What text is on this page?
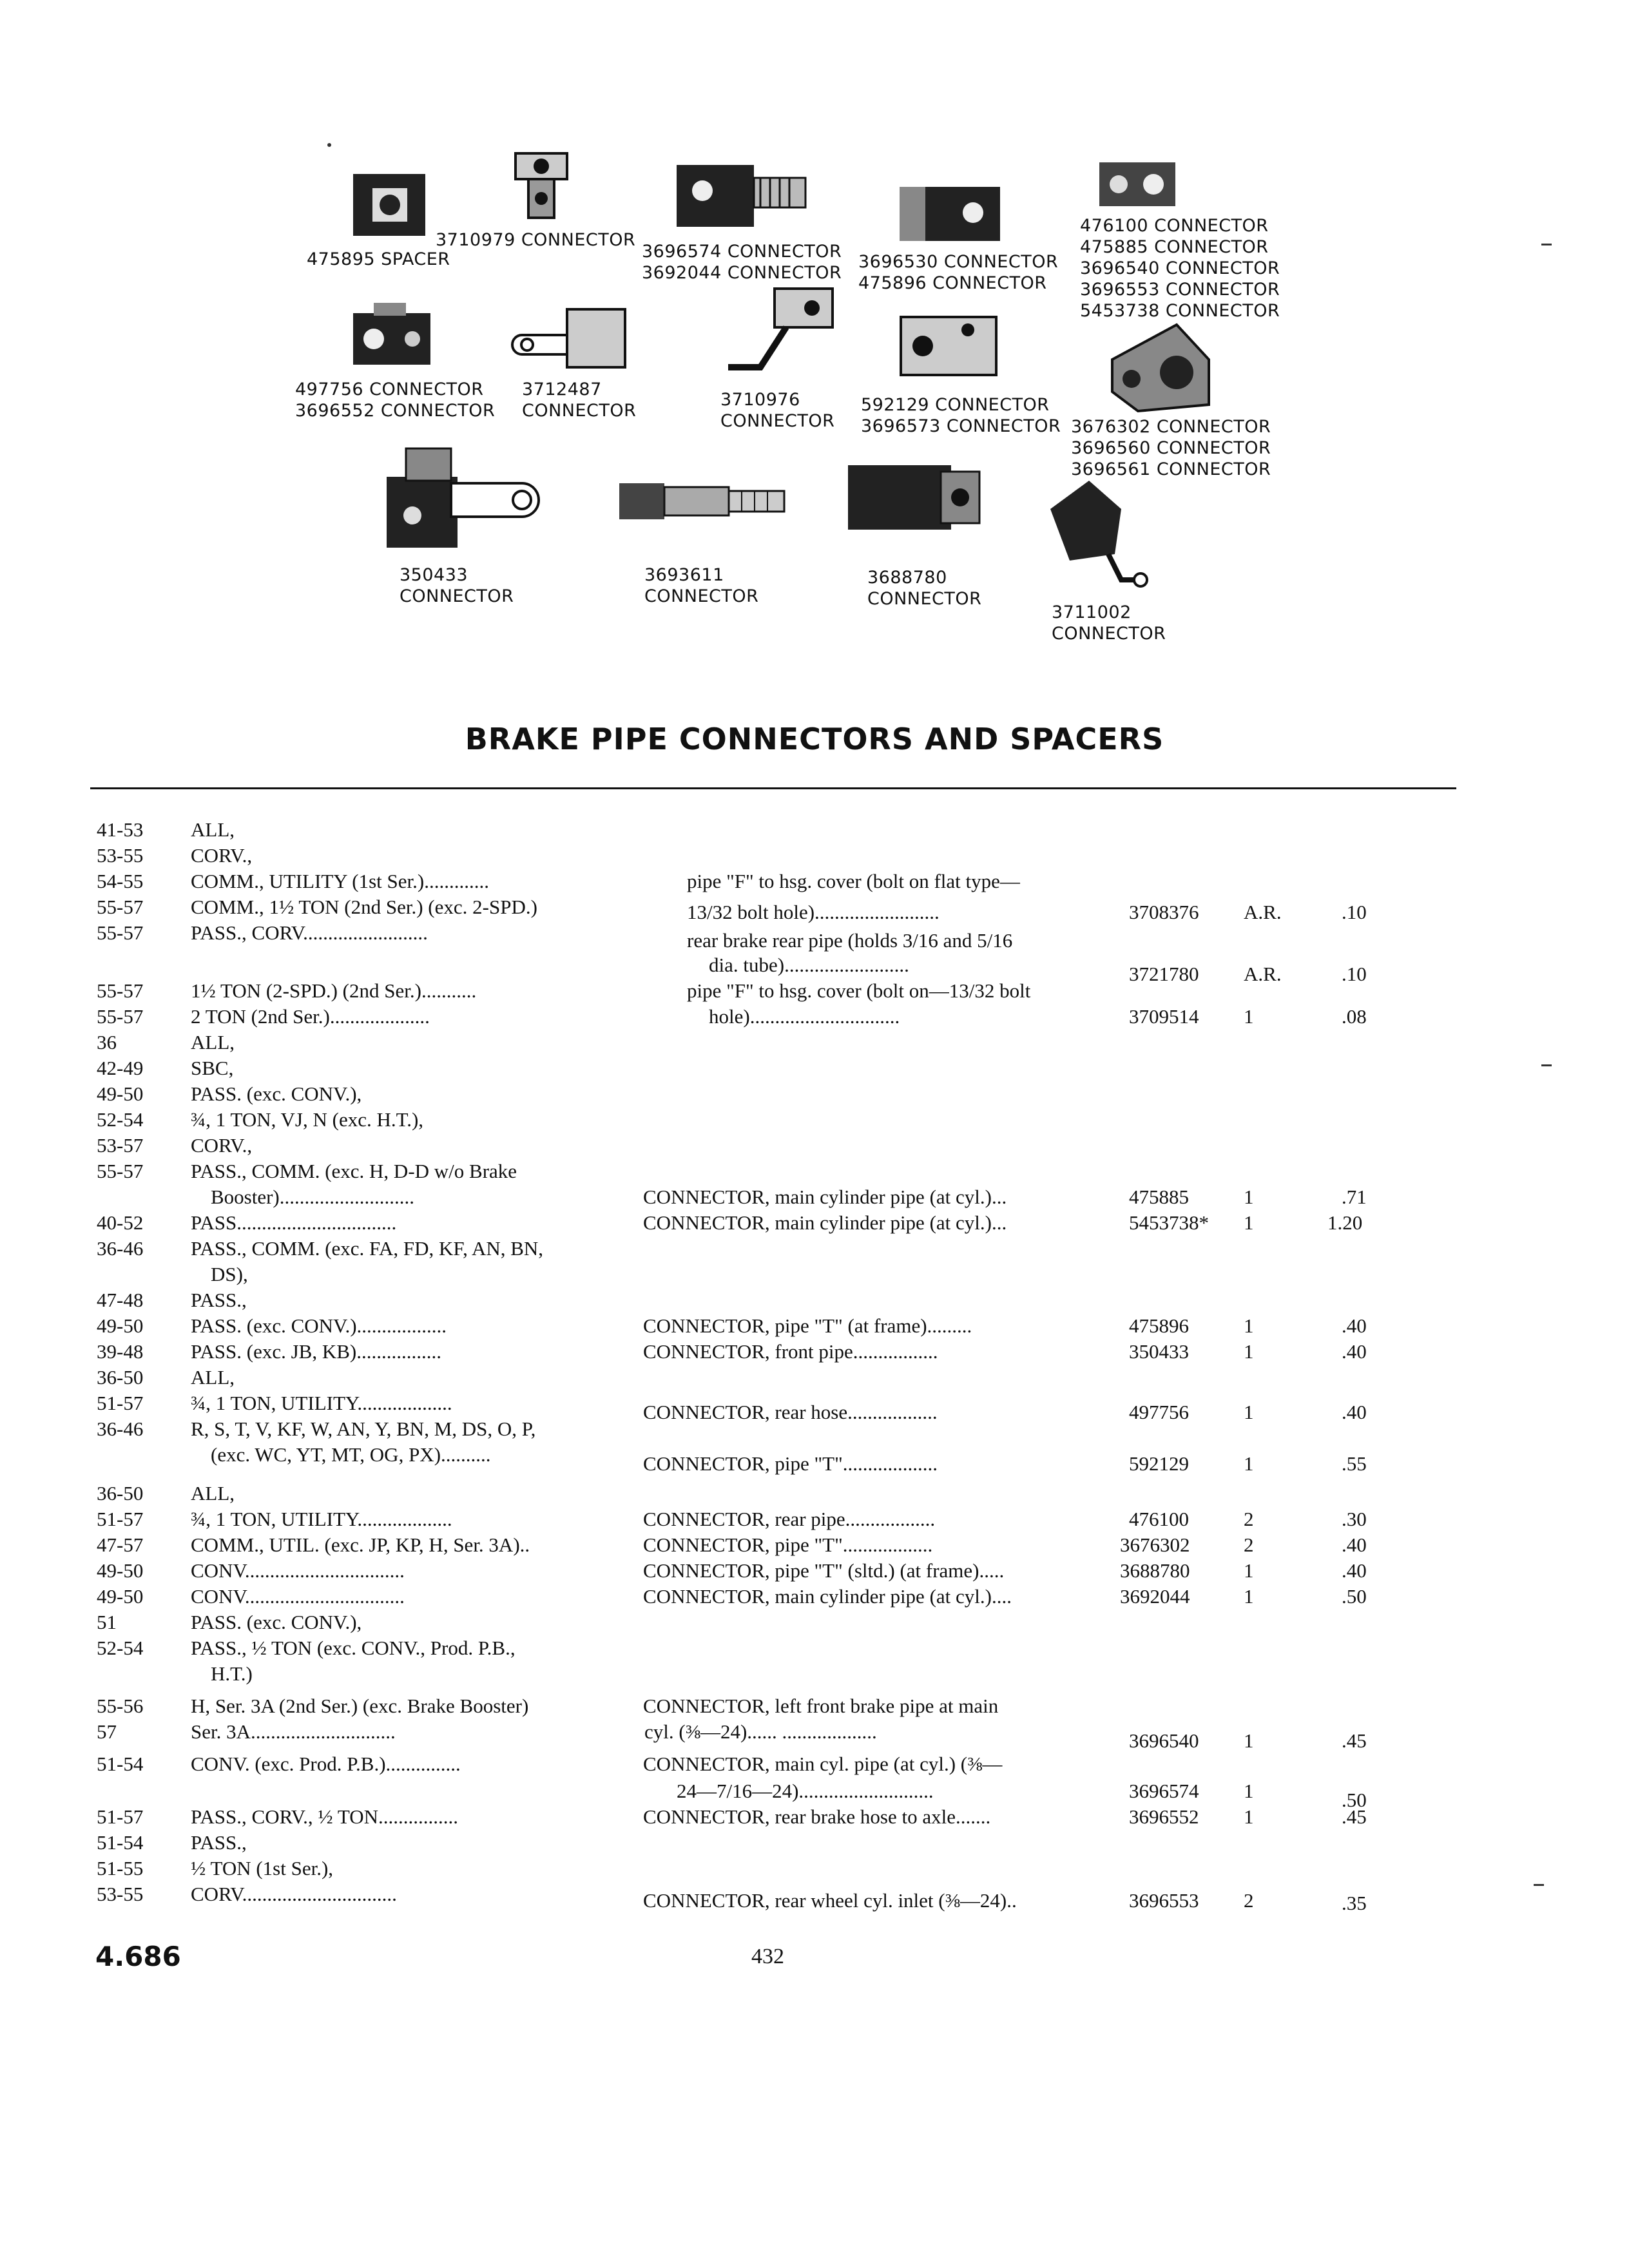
475895 SPACER
3710979 CONNECTOR
3696574 CONNECTOR
3692044 CONNECTOR
3696530 CONNECTOR
475896 CONNECTOR
476100 CONNECTOR
475885 CONNECTOR
3696540 CONNECTOR
3696553 CONNECTOR
5453738 CONNECTOR
497756 CONNECTOR
3696552 CONNECTOR
3712487
CONNECTOR
3710976
CONNECTOR
592129 CONNECTOR
3696573 CONNECTOR 3676302 CONNECTOR
3696560 CONNECTOR
3696561 CONNECTOR
350433
CONNECTOR
3693611
CONNECTOR
3688780
CONNECTOR
3711002
CONNECTOR
BRAKE PIPE CONNECTORS AND SPACERS
41-53 ALL,
53-55 CORV.,
54-55 COMM., UTILITY (1st Ser.).............	pipe "F" to hsg. cover (bolt on flat type—
55-57 COMM., 1½ TON (2nd Ser.) (exc. 2-SPD.)	13/32 bolt hole).........................	3708376 A.R.	.10
55-57 PASS., CORV.........................	rear brake rear pipe (holds 3/16 and 5/16
dia. tube).........................	3721780 A.R.	.10
55-57 1½ TON (2-SPD.) (2nd Ser.)...........	pipe "F" to hsg. cover (bolt on—13/32 bolt
55-57 2 TON (2nd Ser.)....................	hole)..............................	3709514 1	.08
36	ALL,
42-49 SBC,
49-50 PASS. (exc. CONV.),
52-54 ¾, 1 TON, VJ, N (exc. H.T.),
53-57 CORV.,
55-57 PASS., COMM. (exc. H, D-D w/o Brake
Booster)...........................	CONNECTOR, main cylinder pipe (at cyl.)...	475885	1	.71
40-52 PASS................................	CONNECTOR, main cylinder pipe (at cyl.)...	5453738* 1	1.20
36-46 PASS., COMM. (exc. FA, FD, KF, AN, BN,
DS),
47-48 PASS.,
49-50 PASS. (exc. CONV.)..................	CONNECTOR, pipe "T" (at frame).........	475896	1	.40
39-48 PASS. (exc. JB, KB).................	CONNECTOR, front pipe.................	350433	1	.40
36-50 ALL,
51-57 ¾, 1 TON, UTILITY...................	CONNECTOR, rear hose..................	497756	1	.40
36-46 R, S, T, V, KF, W, AN, Y, BN, M, DS, O, P,
(exc. WC, YT, MT, OG, PX)..........	CONNECTOR, pipe "T"...................	592129	1	.55
36-50 ALL,
51-57 ¾, 1 TON, UTILITY...................	CONNECTOR, rear pipe..................	476100	2	.30
47-57 COMM., UTIL. (exc. JP, KP, H, Ser. 3A)..	CONNECTOR, pipe "T"..................	3676302	2	.40
49-50 CONV................................	CONNECTOR, pipe "T" (sltd.) (at frame).....	3688780	1	.40
49-50 CONV................................	CONNECTOR, main cylinder pipe (at cyl.)....	3692044	1	.50
51	PASS. (exc. CONV.),
52-54 PASS., ½ TON (exc. CONV., Prod. P.B.,
H.T.)
55-56 H, Ser. 3A (2nd Ser.) (exc. Brake Booster)	CONNECTOR, left front brake pipe at main
57	Ser. 3A.............................	cyl. (⅜—24)...... ...................	3696540 1	.45
51-54 CONV. (exc. Prod. P.B.)...............	CONNECTOR, main cyl. pipe (at cyl.) (⅜—
24—7/16—24)...........................	3696574 1	.50
51-57 PASS., CORV., ½ TON................	CONNECTOR, rear brake hose to axle.......	3696552 1	.45
51-54 PASS.,
51-55 ½ TON (1st Ser.),
53-55 CORV...............................	CONNECTOR, rear wheel cyl. inlet (⅜—24)..	3696553 2	.35
4.686	432
